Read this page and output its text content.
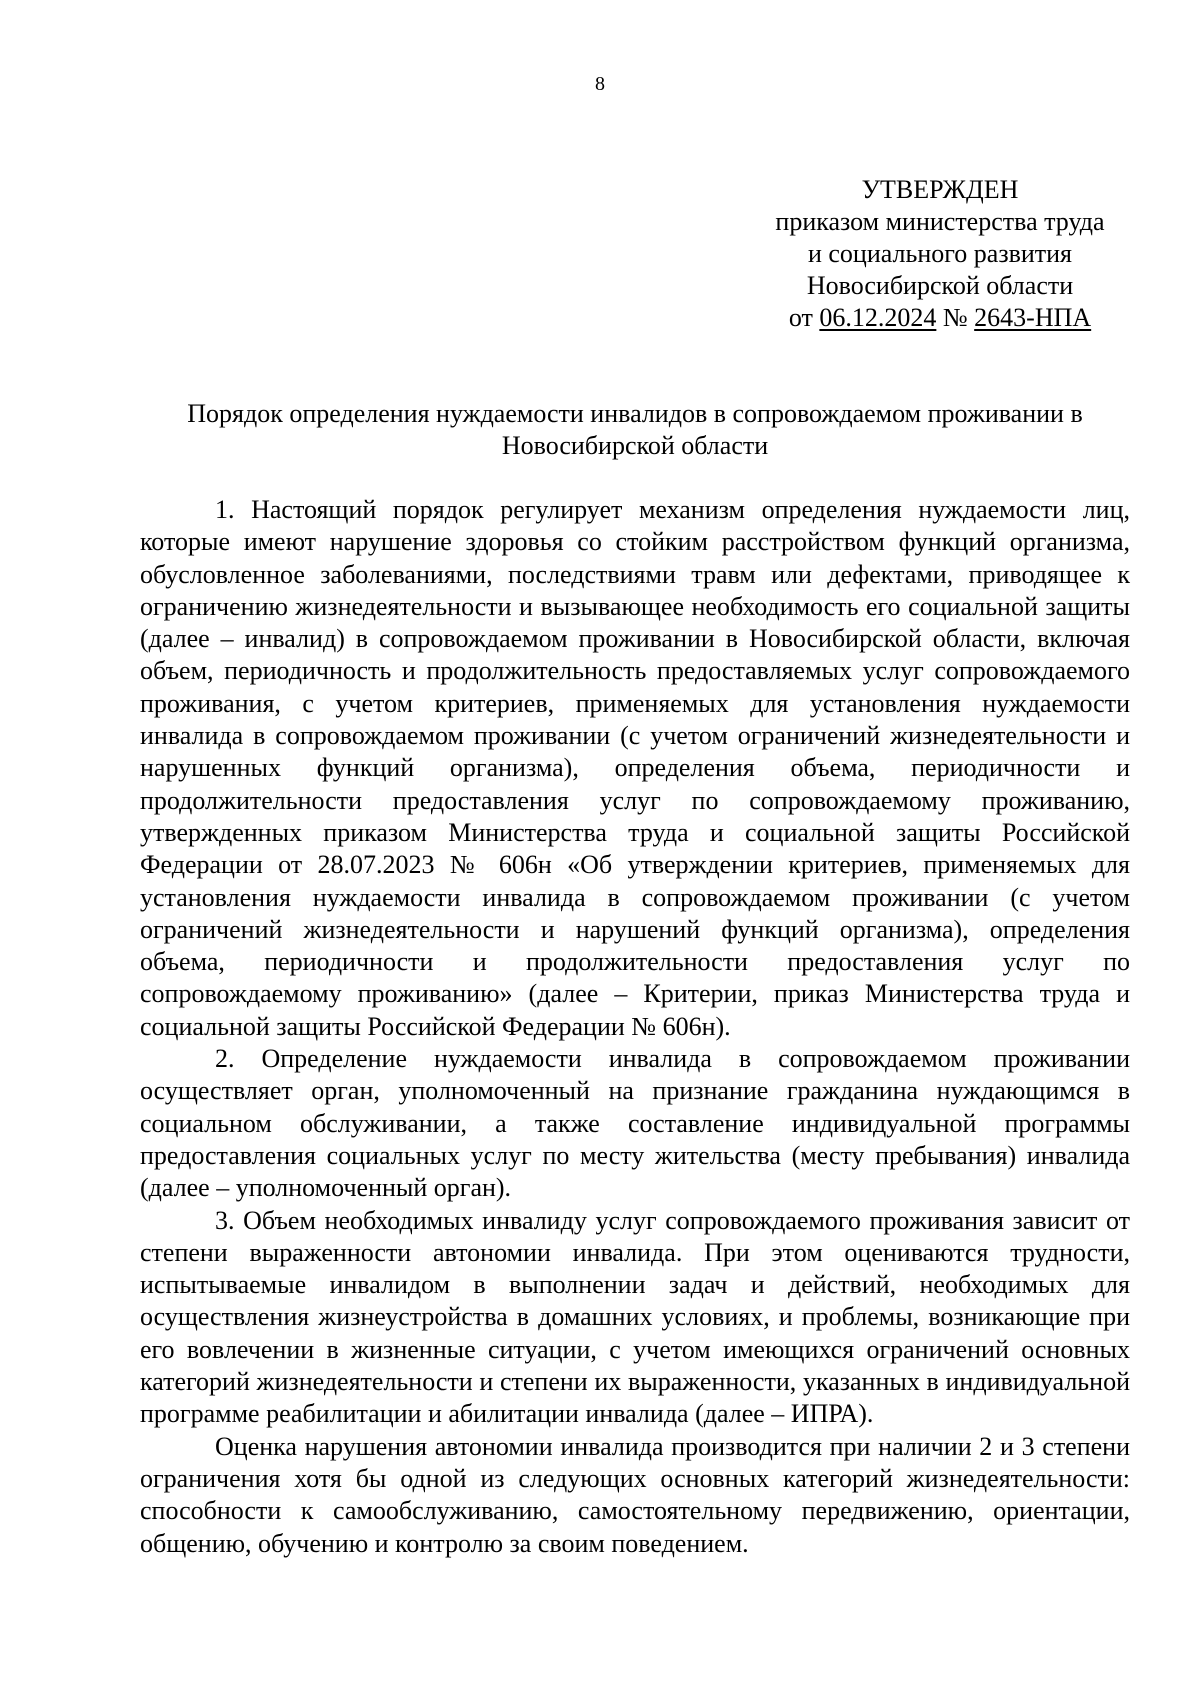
8
УТВЕРЖДЕН
приказом министерства труда
и социального развития
Новосибирской области
от 06.12.2024 № 2643-НПА
Порядок определения нуждаемости инвалидов в сопровождаемом проживании в Новосибирской области

1. Настоящий порядок регулирует механизм определения нуждаемости лиц, которые имеют нарушение здоровья со стойким расстройством функций организма, обусловленное заболеваниями, последствиями травм или дефектами, приводящее к ограничению жизнедеятельности и вызывающее необходимость его социальной защиты (далее – инвалид) в сопровождаемом проживании в Новосибирской области, включая объем, периодичность и продолжительность предоставляемых услуг сопровождаемого проживания, с учетом критериев, применяемых для установления нуждаемости инвалида в сопровождаемом проживании (с учетом ограничений жизнедеятельности и нарушенных функций организма), определения объема, периодичности и продолжительности предоставления услуг по сопровождаемому проживанию, утвержденных приказом Министерства труда и социальной защиты Российской Федерации от 28.07.2023 № 606н «Об утверждении критериев, применяемых для установления нуждаемости инвалида в сопровождаемом проживании (с учетом ограничений жизнедеятельности и нарушений функций организма), определения объема, периодичности и продолжительности предоставления услуг по сопровождаемому проживанию» (далее – Критерии, приказ Министерства труда и социальной защиты Российской Федерации № 606н).

2. Определение нуждаемости инвалида в сопровождаемом проживании осуществляет орган, уполномоченный на признание гражданина нуждающимся в социальном обслуживании, а также составление индивидуальной программы предоставления социальных услуг по месту жительства (месту пребывания) инвалида (далее – уполномоченный орган).

3. Объем необходимых инвалиду услуг сопровождаемого проживания зависит от степени выраженности автономии инвалида. При этом оцениваются трудности, испытываемые инвалидом в выполнении задач и действий, необходимых для осуществления жизнеустройства в домашних условиях, и проблемы, возникающие при его вовлечении в жизненные ситуации, с учетом имеющихся ограничений основных категорий жизнедеятельности и степени их выраженности, указанных в индивидуальной программе реабилитации и абилитации инвалида (далее – ИПРА).

Оценка нарушения автономии инвалида производится при наличии 2 и 3 степени ограничения хотя бы одной из следующих основных категорий жизнедеятельности: способности к самообслуживанию, самостоятельному передвижению, ориентации, общению, обучению и контролю за своим поведением.
